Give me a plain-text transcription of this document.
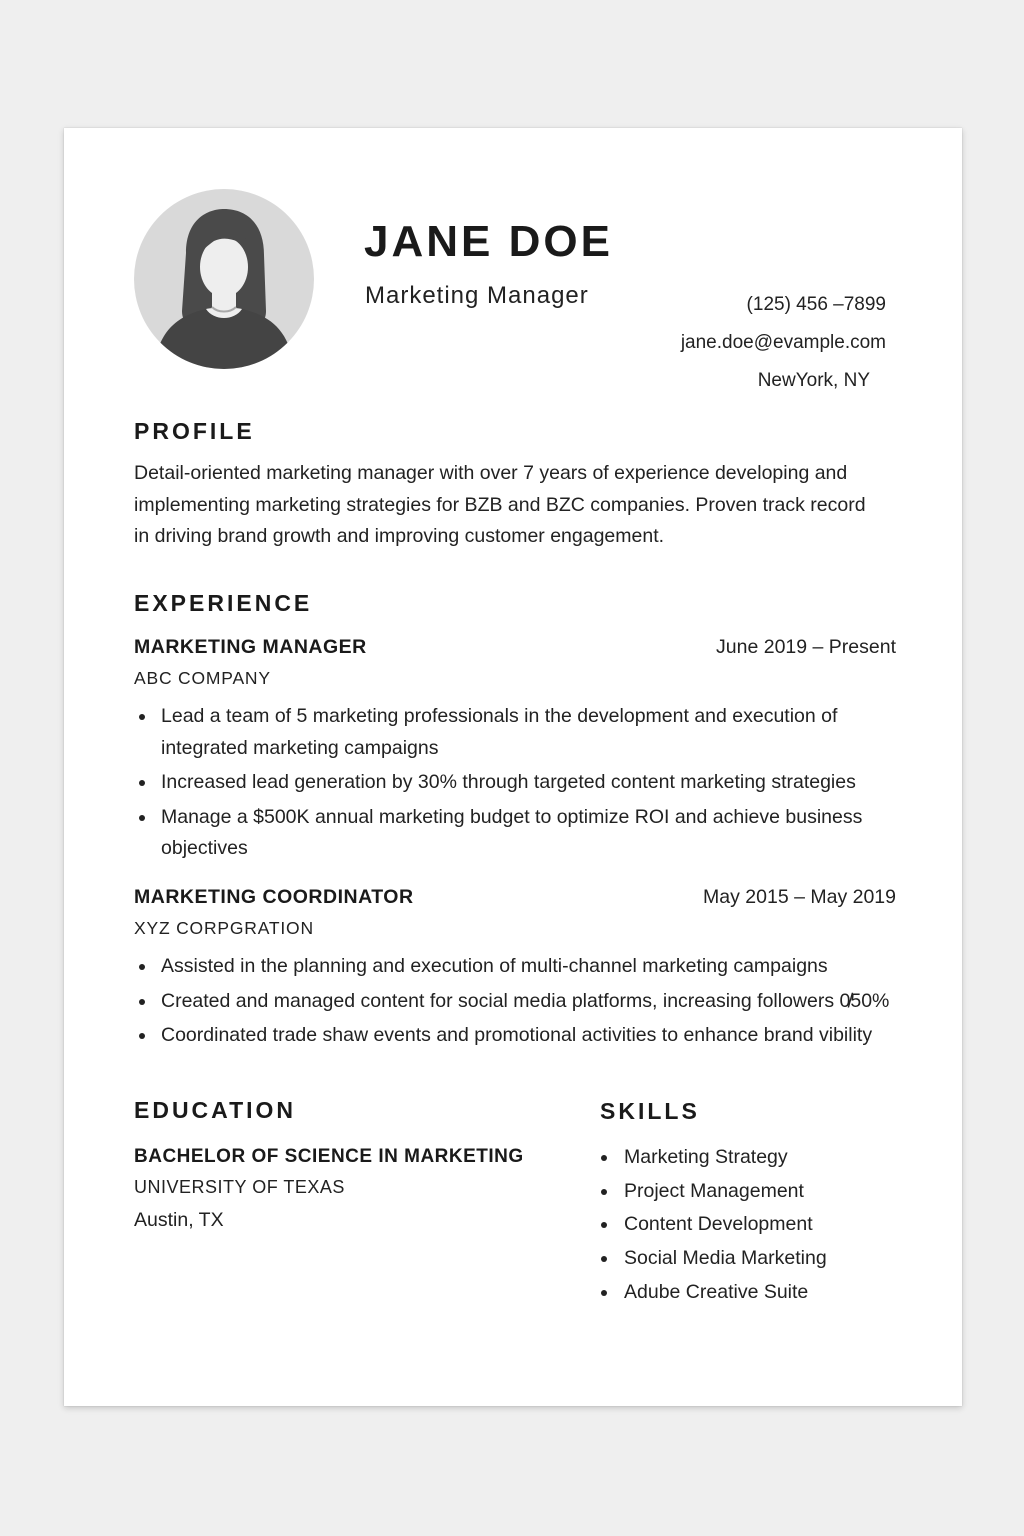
JANE DOE
Marketing Manager	(125) 456 –7899
jane.doe@evample.com
NewYork, NY
PROFILE
Detail-oriented marketing manager with over 7 years of experience developing and implementing marketing strategies for BZB and BZC companies. Proven track record in driving brand growth and improving customer engagement.
EXPERIENCE
MARKETING MANAGER	June 2019 – Present
ABC COMPANY
Lead a team of 5 marketing professionals in the development and execution of integrated marketing campaigns
Increased lead generation by 30% through targeted content marketing strategies
Manage a $500K annual marketing budget to optimize ROI and achieve business objectives
MARKETING COORDINATOR	May 2015 – May 2019
XYZ CORPGRATION
Assisted in the planning and execution of multi-channel marketing campaigns
Created and managed content for social media platforms, increasing followers 0̸50%
Coordinated trade shaw events and promotional activities to enhance brand vibility
EDUCATION
BACHELOR OF SCIENCE IN MARKETING
UNIVERSITY OF TEXAS
Austin, TX
SKILLS
Marketing Strategy
Project Management
Content Development
Social Media Marketing
Adube Creative Suite
